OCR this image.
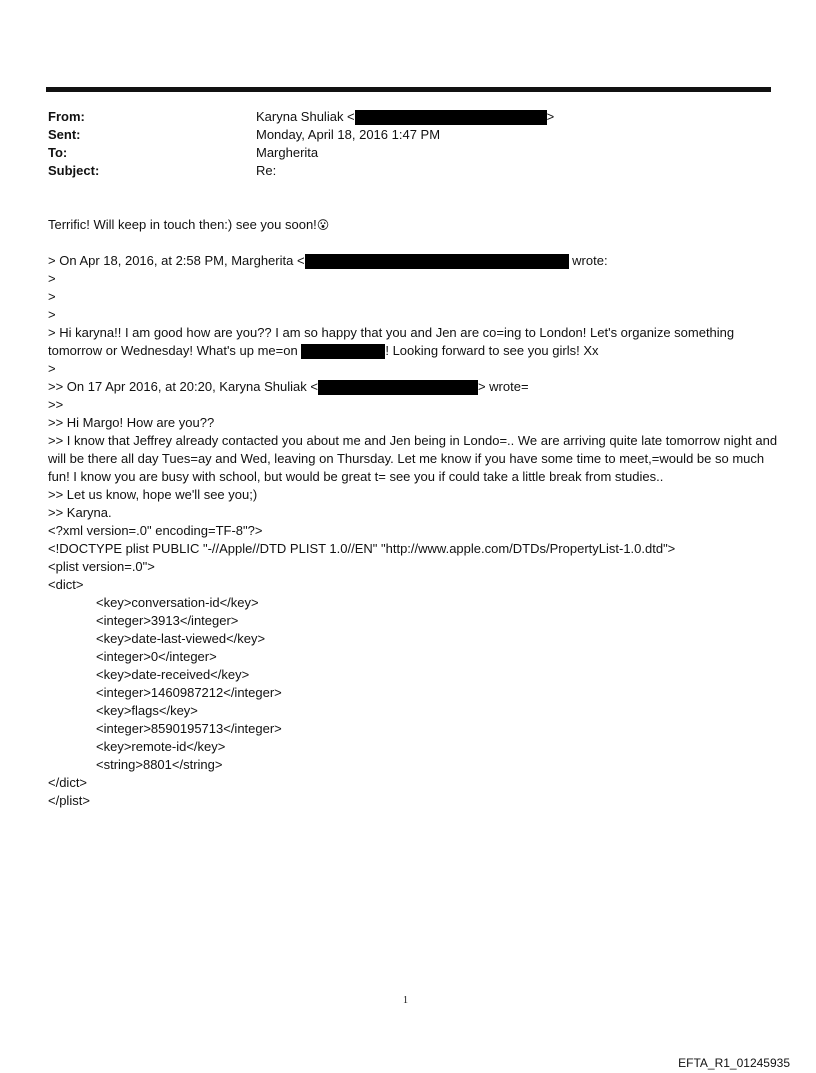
From:	Karyna Shuliak <	>
Sent:	Monday, April 18, 2016 1:47 PM
To:	Margherita
Subject:	Re:
Terrific! Will keep in touch then:) see you soon!😮
> On Apr 18, 2016, at 2:58 PM, Margherita <	wrote:
>
>
>
> Hi karyna!! I am good how are you?? I am so happy that you and Jen are co=ing to London! Let's organize something tomorrow or Wednesday! What's up me=on	! Looking forward to see you girls! Xx
>
>> On 17 Apr 2016, at 20:20, Karyna Shuliak <	> wrote=
>>
>> Hi Margo! How are you??
>> I know that Jeffrey already contacted you about me and Jen being in Londo=.. We are arriving quite late tomorrow night and will be there all day Tues=ay and Wed, leaving on Thursday. Let me know if you have some time to meet,=would be so much fun! I know you are busy with school, but would be great t= see you if could take a little break from studies..
>> Let us know, hope we'll see you;)
>> Karyna.
<?xml version=.0" encoding=TF-8"?>
<!DOCTYPE plist PUBLIC "-//Apple//DTD PLIST 1.0//EN" "http://www.apple.com/DTDs/PropertyList-1.0.dtd">
<plist version=.0">
<dict>
<key>conversation-id</key>
<integer>3913</integer>
<key>date-last-viewed</key>
<integer>0</integer>
<key>date-received</key>
<integer>1460987212</integer>
<key>flags</key>
<integer>8590195713</integer>
<key>remote-id</key>
<string>8801</string>
</dict>
</plist>
1
EFTA_R1_01245935
